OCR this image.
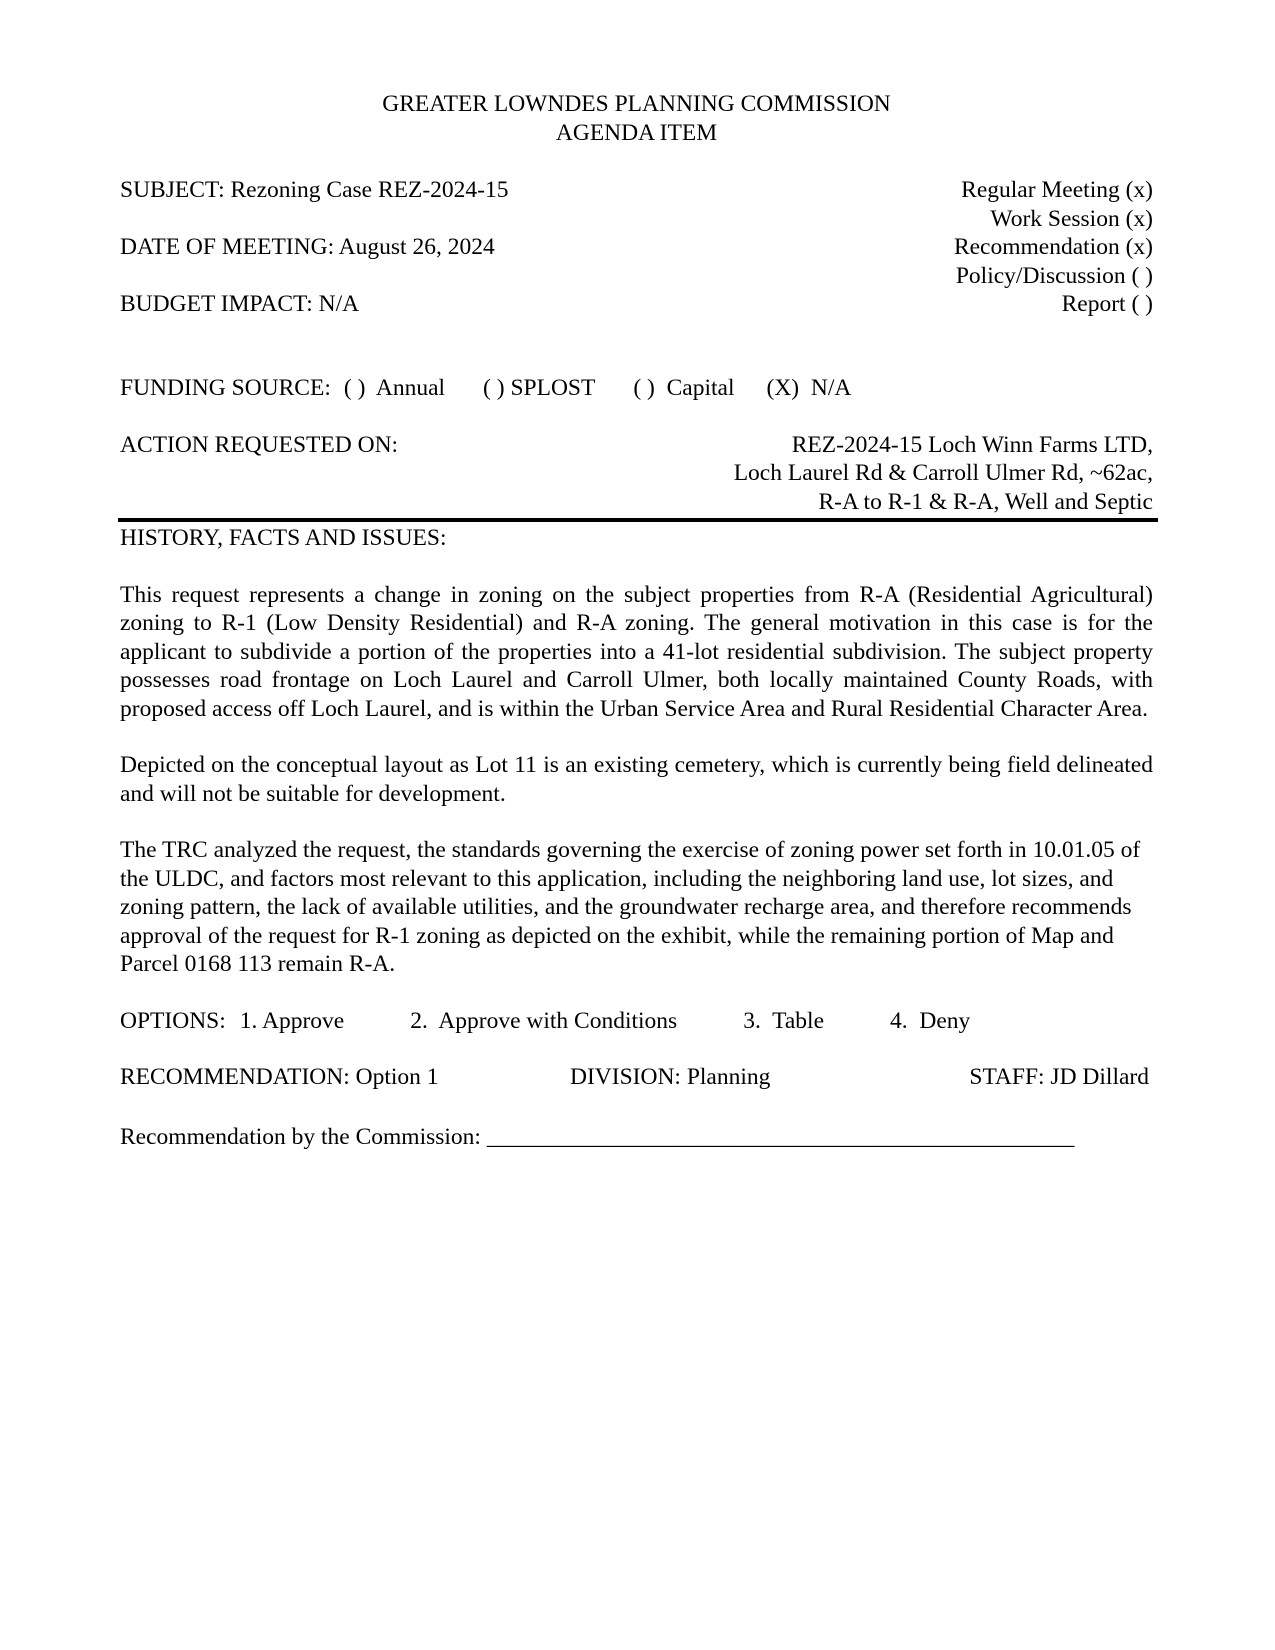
GREATER LOWNDES PLANNING COMMISSION
AGENDA ITEM
SUBJECT: Rezoning Case REZ-2024-15
DATE OF MEETING: August 26, 2024
BUDGET IMPACT: N/A
Regular Meeting (x)
Work Session (x)
Recommendation (x)
Policy/Discussion ( )
Report ( )
FUNDING SOURCE: ( )  Annual ( ) SPLOST ( )  Capital (X)  N/A
ACTION REQUESTED ON:	REZ-2024-15 Loch Winn Farms LTD,
Loch Laurel Rd & Carroll Ulmer Rd, ~62ac,
R-A to R-1 & R-A, Well and Septic
HISTORY, FACTS AND ISSUES:

This request represents a change in zoning on the subject properties from R-A (Residential Agricultural) zoning to R-1 (Low Density Residential) and R-A zoning. The general motivation in this case is for the applicant to subdivide a portion of the properties into a 41-lot residential subdivision. The subject property possesses road frontage on Loch Laurel and Carroll Ulmer, both locally maintained County Roads, with proposed access off Loch Laurel, and is within the Urban Service Area and Rural Residential Character Area.

Depicted on the conceptual layout as Lot 11 is an existing cemetery, which is currently being field delineated and will not be suitable for development.

The TRC analyzed the request, the standards governing the exercise of zoning power set forth in 10.01.05 of the ULDC, and factors most relevant to this application, including the neighboring land use, lot sizes, and zoning pattern, the lack of available utilities, and the groundwater recharge area, and therefore recommends approval of the request for R-1 zoning as depicted on the exhibit, while the remaining portion of Map and Parcel 0168 113 remain R-A.

OPTIONS: 1. Approve	2.  Approve with Conditions	3.  Table	4.  Deny
RECOMMENDATION: Option 1	DIVISION: Planning	STAFF: JD Dillard
Recommendation by the Commission: __________________________________________________
